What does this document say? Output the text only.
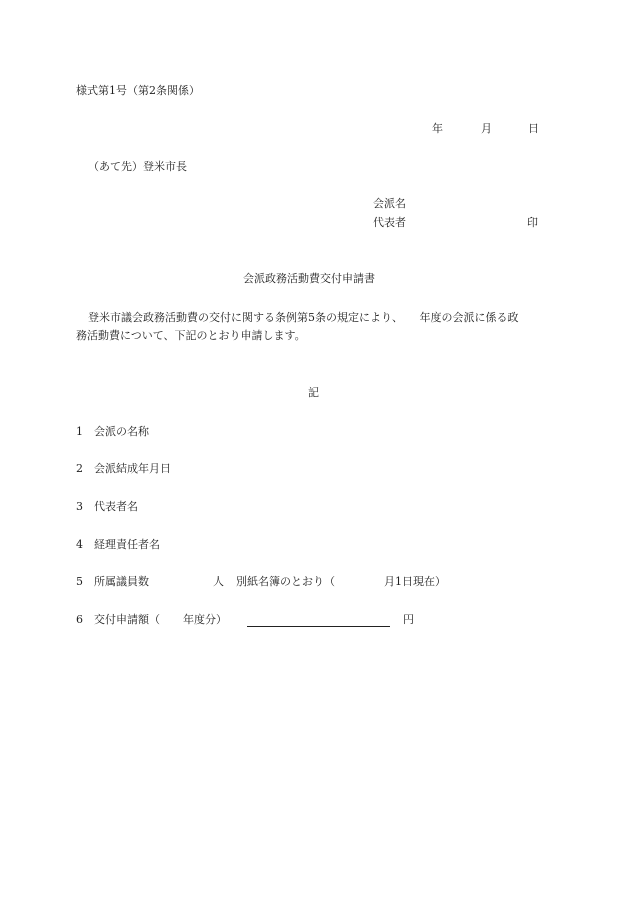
様式第1号（第2条関係）
年	月	日
（あて先）登米市長
会派名
代表者	印
会派政務活動費交付申請書
登米市議会政務活動費の交付に関する条例第5条の規定により、　　年度の会派に係る政
務活動費について、下記のとおり申請します。
記
1 会派の名称
2 会派結成年月日
3 代表者名
4 経理責任者名
5 所属議員数	人 別紙名簿のとおり（	月1日現在）
6 交付申請額（ 年度分）	円
